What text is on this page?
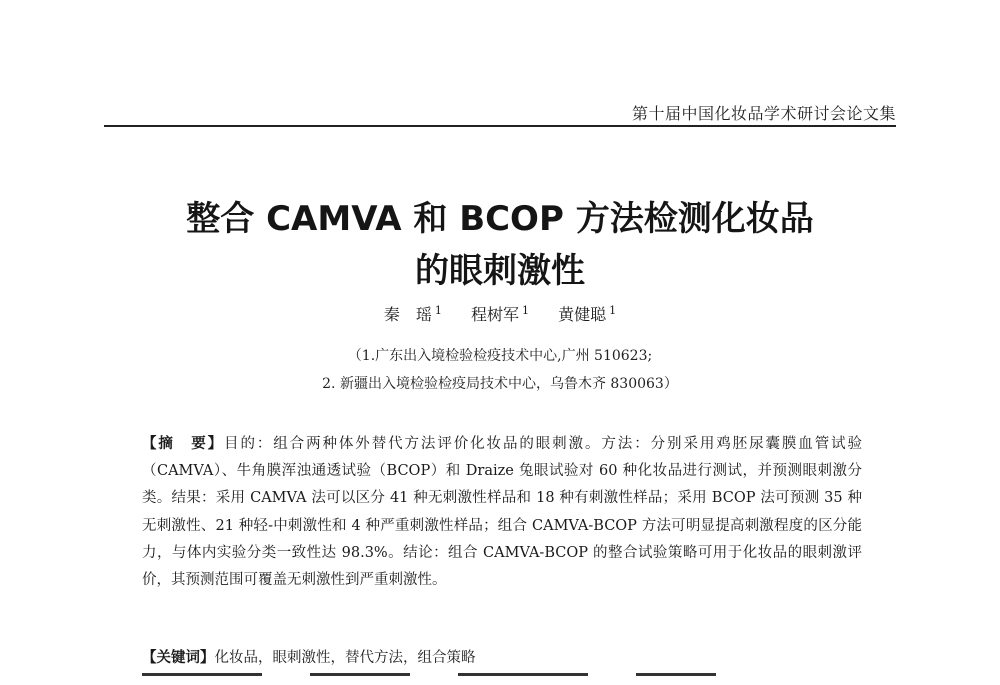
第十届中国化妆品学术研讨会论文集
整合 CAMVA 和 BCOP 方法检测化妆品
的眼刺激性
秦　瑶 $^1$ 程树军 $^1$ 黄健聪 $^1$
（1.广东出入境检验检疫技术中心,广州 510623;
2. 新疆出入境检验检疫局技术中心，乌鲁木齐 830063）

【摘　要】目的：组合两种体外替代方法评价化妆品的眼刺激。方法：分别采用鸡胚尿囊膜血管试验（CAMVA）、牛角膜浑浊通透试验（BCOP）和 Draize 兔眼试验对 60 种化妆品进行测试，并预测眼刺激分类。结果：采用 CAMVA 法可以区分 41 种无刺激性样品和 18 种有刺激性样品；采用 BCOP 法可预测 35 种无刺激性、21 种轻-中刺激性和 4 种严重刺激性样品；组合 CAMVA-BCOP 方法可明显提高刺激程度的区分能力，与体内实验分类一致性达 98.3%。结论：组合 CAMVA-BCOP 的整合试验策略可用于化妆品的眼刺激评价，其预测范围可覆盖无刺激性到严重刺激性。

【关键词】化妆品，眼刺激性，替代方法，组合策略
